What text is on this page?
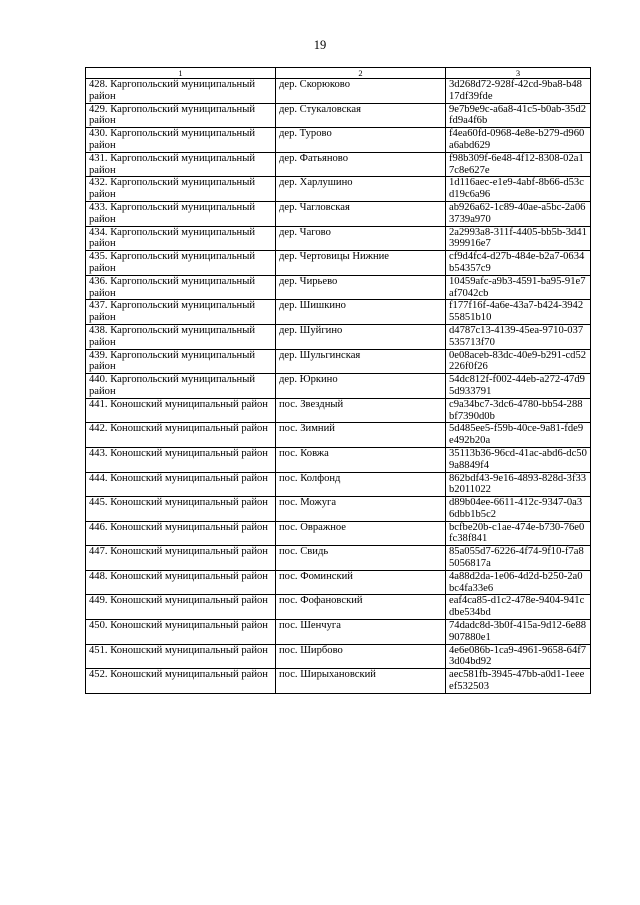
19
1	2	3
428. Каргопольский муниципальный район	дер. Скорюково	3d268d72-928f-42cd-9ba8-b4817df39fde
429. Каргопольский муниципальный район	дер. Стукаловская	9e7b9e9c-a6a8-41c5-b0ab-35d2fd9a4f6b
430. Каргопольский муниципальный район	дер. Турово	f4ea60fd-0968-4e8e-b279-d960a6abd629
431. Каргопольский муниципальный район	дер. Фатьяново	f98b309f-6e48-4f12-8308-02a17c8e627e
432. Каргопольский муниципальный район	дер. Харлушино	1d116aec-e1e9-4abf-8b66-d53cd19c6a96
433. Каргопольский муниципальный район	дер. Чагловская	ab926a62-1c89-40ae-a5bc-2a063739a970
434. Каргопольский муниципальный район	дер. Чагово	2a2993a8-311f-4405-bb5b-3d41399916e7
435. Каргопольский муниципальный район	дер. Чертовицы Нижние	cf9d4fc4-d27b-484e-b2a7-0634b54357c9
436. Каргопольский муниципальный район	дер. Чирьево	10459afc-a9b3-4591-ba95-91e7af7042cb
437. Каргопольский муниципальный район	дер. Шишкино	f177f16f-4a6e-43a7-b424-394255851b10
438. Каргопольский муниципальный район	дер. Шуйгино	d4787c13-4139-45ea-9710-037535713f70
439. Каргопольский муниципальный район	дер. Шульгинская	0e08aceb-83dc-40e9-b291-cd52226f0f26
440. Каргопольский муниципальный район	дер. Юркино	54dc812f-f002-44eb-a272-47d95d933791
441. Коношский муниципальный район	пос. Звездный	c9a34bc7-3dc6-4780-bb54-288bf7390d0b
442. Коношский муниципальный район	пос. Зимний	5d485ee5-f59b-40ce-9a81-fde9e492b20a
443. Коношский муниципальный район	пос. Ковжа	35113b36-96cd-41ac-abd6-dc509a8849f4
444. Коношский муниципальный район	пос. Колфонд	862bdf43-9e16-4893-828d-3f33b2011022
445. Коношский муниципальный район	пос. Можуга	d89b04ee-6611-412c-9347-0a36dbb1b5c2
446. Коношский муниципальный район	пос. Овражное	bcfbe20b-c1ae-474e-b730-76e0fc38f841
447. Коношский муниципальный район	пос. Свидь	85a055d7-6226-4f74-9f10-f7a85056817a
448. Коношский муниципальный район	пос. Фоминский	4a88d2da-1e06-4d2d-b250-2a0bc4fa33e6
449. Коношский муниципальный район	пос. Фофановский	eaf4ca85-d1c2-478e-9404-941cdbe534bd
450. Коношский муниципальный район	пос. Шенчуга	74dadc8d-3b0f-415a-9d12-6e88907880e1
451. Коношский муниципальный район	пос. Ширбово	4e6e086b-1ca9-4961-9658-64f73d04bd92
452. Коношский муниципальный район	пос. Ширыхановский	aec581fb-3945-47bb-a0d1-1eeeef532503
